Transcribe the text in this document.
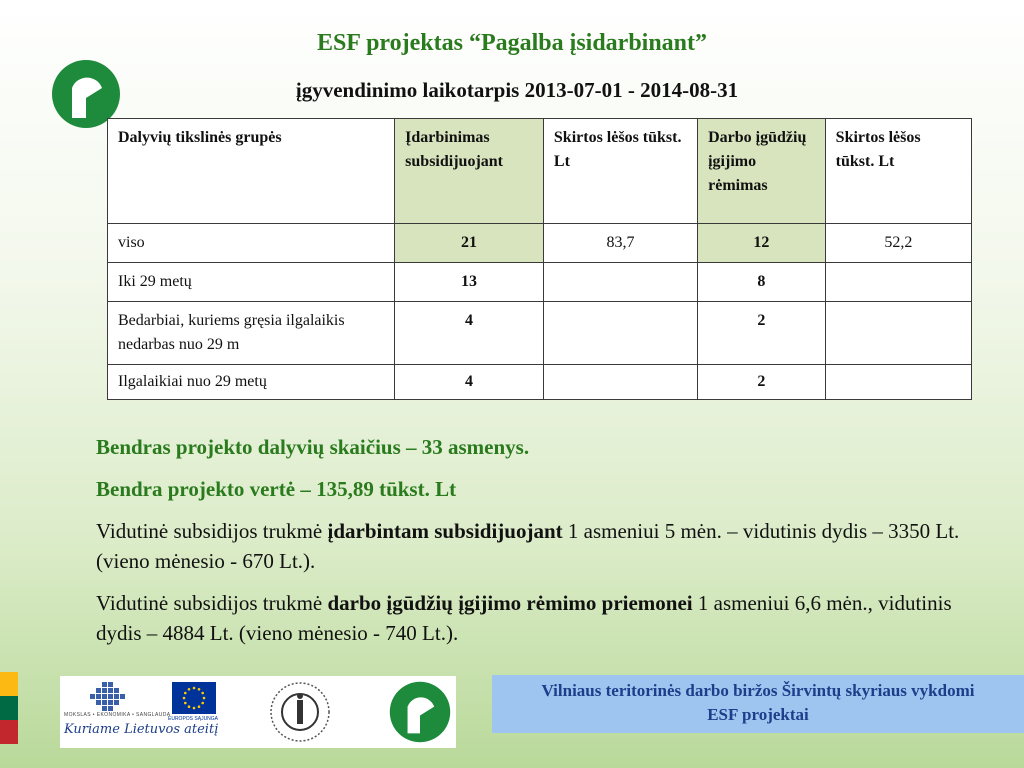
ESF projektas “Pagalba įsidarbinant”
įgyvendinimo laikotarpis 2013-07-01 - 2014-08-31
Dalyvių tikslinės grupės	Įdarbinimas subsidijuojant	Skirtos lėšos tūkst. Lt	Darbo įgūdžių įgijimo rėmimas	Skirtos lėšos tūkst. Lt
viso	21	83,7	12	52,2
Iki 29 metų	13		8	
Bedarbiai, kuriems gręsia ilgalaikis nedarbas nuo 29 m	4		2	
Ilgalaikiai nuo 29 metų	4		2	

Bendras projekto dalyvių skaičius – 33 asmenys.

Bendra projekto vertė – 135,89 tūkst. Lt

Vidutinė subsidijos trukmė įdarbintam subsidijuojant 1 asmeniui 5 mėn. – vidutinis dydis – 3350 Lt. (vieno mėnesio - 670 Lt.).

Vidutinė subsidijos trukmė darbo įgūdžių įgijimo rėmimo priemonei 1 asmeniui 6,6 mėn., vidutinis dydis – 4884 Lt. (vieno mėnesio - 740 Lt.).

MOKSLAS • EKONOMIKA • SANGLAUDA
Kuriame Lietuvos ateitį
EUROPOS SĄJUNGA
Vilniaus teritorinės darbo biržos Širvintų skyriaus vykdomi
ESF projektai
